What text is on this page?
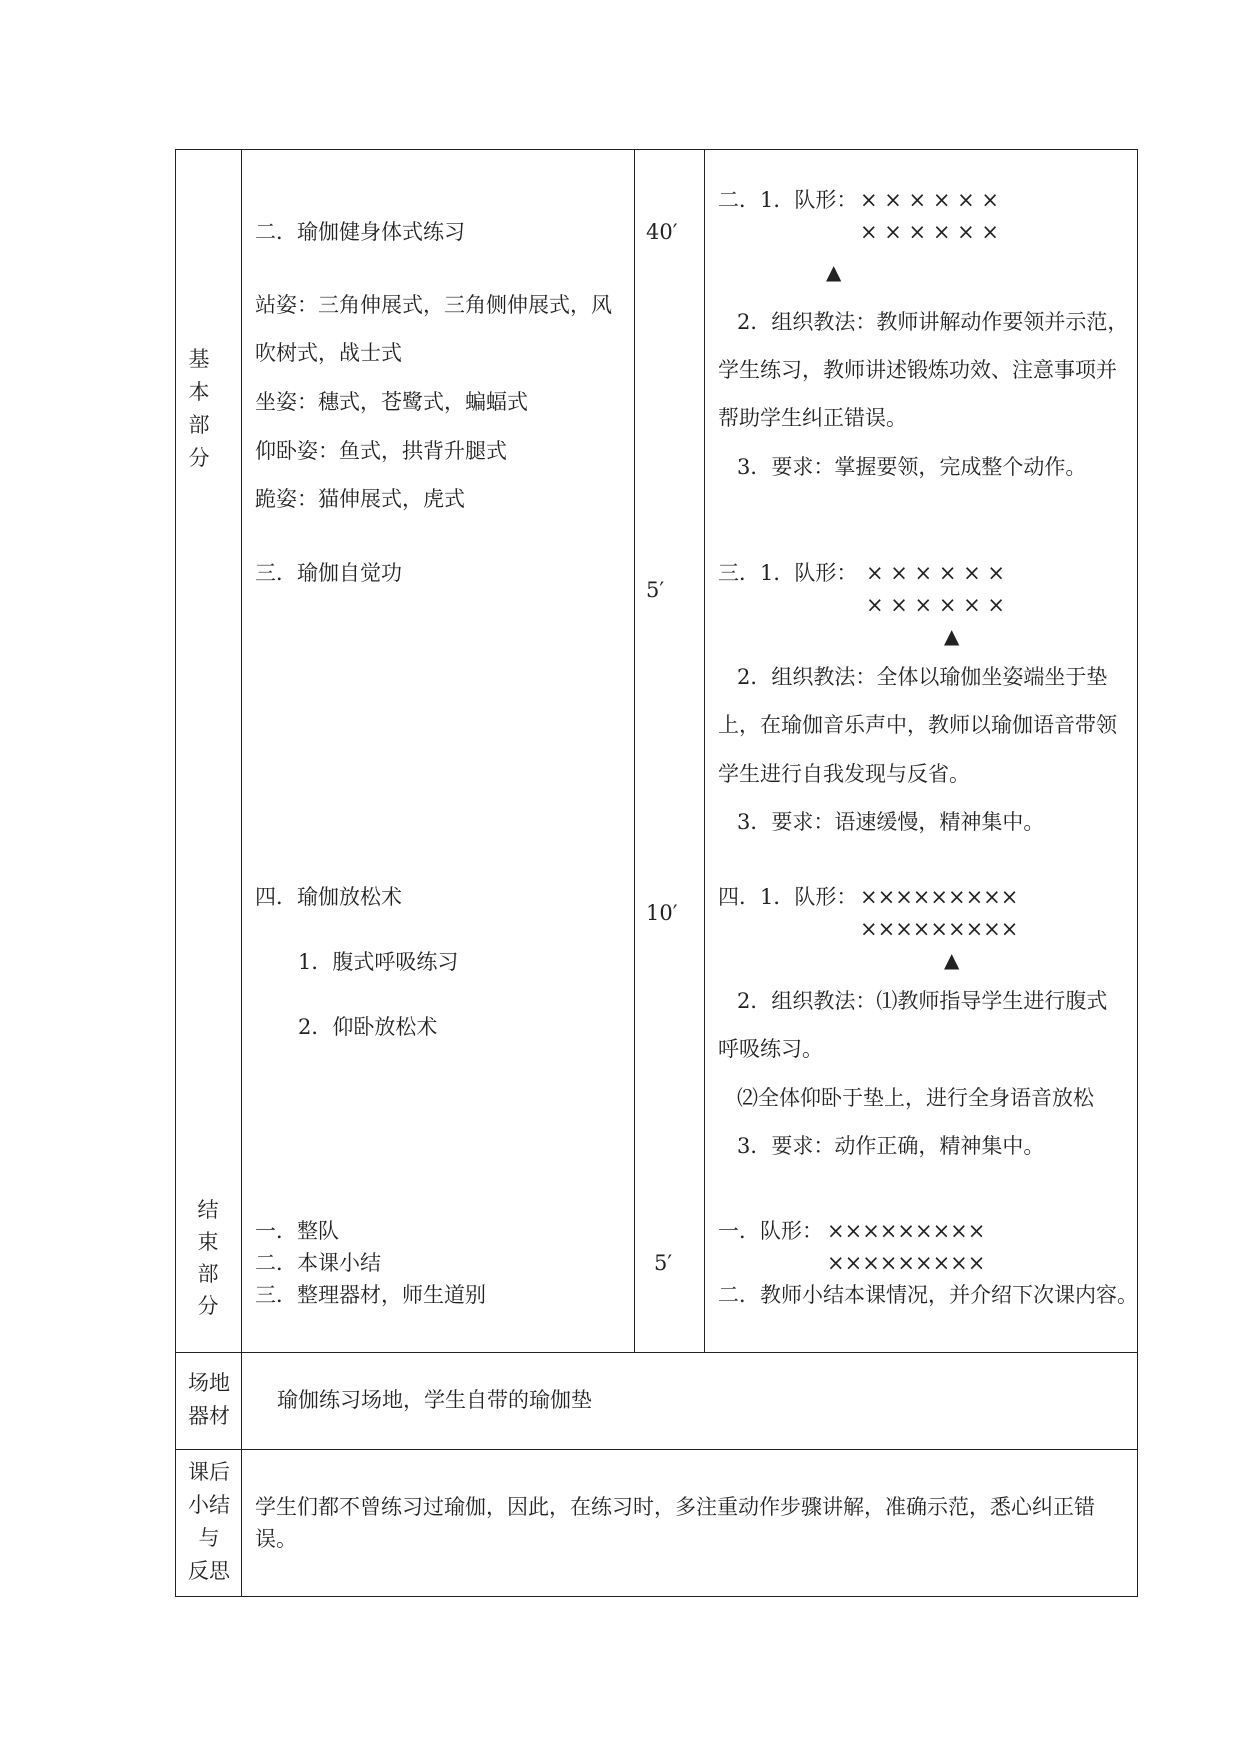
基
本
部
分
结
束
部
分
场地
器材
课后
小结
与
反思
二．瑜伽健身体式练习
站姿：三角伸展式，三角侧伸展式，风
吹树式，战士式
坐姿：穗式，苍鹭式，蝙蝠式
仰卧姿：鱼式，拱背升腿式
跪姿：猫伸展式，虎式
三．瑜伽自觉功
四．瑜伽放松术
1．腹式呼吸练习
2．仰卧放松术
一．整队
二．本课小结
三．整理器材，师生道别
40′
5′
10′
5′
二．1．队形： × × × × × ×
× × × × × ×
▲
2．组织教法：教师讲解动作要领并示范，
学生练习，教师讲述锻炼功效、注意事项并
帮助学生纠正错误。
3．要求：掌握要领，完成整个动作。
三．1．队形： × × × × × ×
× × × × × ×
▲
2．组织教法：全体以瑜伽坐姿端坐于垫
上，在瑜伽音乐声中，教师以瑜伽语音带领
学生进行自我发现与反省。
3．要求：语速缓慢，精神集中。
四．1．队形： ×××××××××
×××××××××
▲
2．组织教法：⑴教师指导学生进行腹式
呼吸练习。
⑵全体仰卧于垫上，进行全身语音放松
3．要求：动作正确，精神集中。
一．队形： ×××××××××
×××××××××
二．教师小结本课情况，并介绍下次课内容。
瑜伽练习场地，学生自带的瑜伽垫
学生们都不曾练习过瑜伽，因此，在练习时，多注重动作步骤讲解，准确示范，悉心纠正错
误。
